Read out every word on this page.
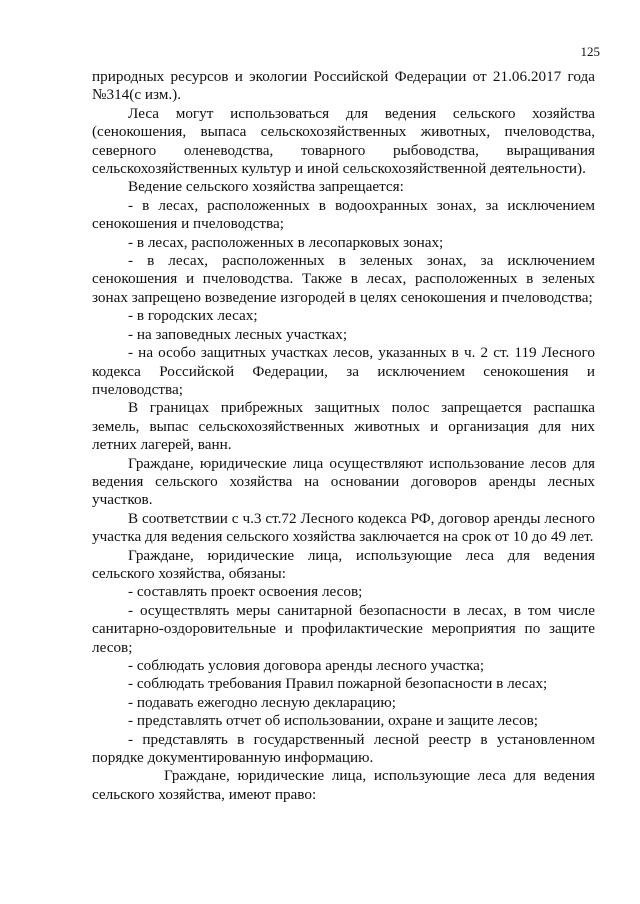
125

природных ресурсов и экологии Российской Федерации от 21.06.2017 года №314(с изм.).

Леса могут использоваться для ведения сельского хозяйства (сенокошения, выпаса сельскохозяйственных животных, пчеловодства, северного оленеводства, товарного рыбоводства, выращивания сельскохозяйственных культур и иной сельскохозяйственной деятельности).

Ведение сельского хозяйства запрещается:

- в лесах, расположенных в водоохранных зонах, за исключением сенокошения и пчеловодства;

- в лесах, расположенных в лесопарковых зонах;

- в лесах, расположенных в зеленых зонах, за исключением сенокошения и пчеловодства. Также в лесах, расположенных в зеленых зонах запрещено возведение изгородей в целях сенокошения и пчеловодства;

- в городских лесах;

- на заповедных лесных участках;

- на особо защитных участках лесов, указанных в ч. 2 ст. 119 Лесного кодекса Российской Федерации, за исключением сенокошения и пчеловодства;

В границах прибрежных защитных полос запрещается распашка земель, выпас сельскохозяйственных животных и организация для них летних лагерей, ванн.

Граждане, юридические лица осуществляют использование лесов для ведения сельского хозяйства на основании договоров аренды лесных участков.

В соответствии с ч.3 ст.72 Лесного кодекса РФ, договор аренды лесного участка для ведения сельского хозяйства заключается на срок от 10 до 49 лет.

Граждане, юридические лица, использующие леса для ведения сельского хозяйства, обязаны:

- составлять проект освоения лесов;

- осуществлять меры санитарной безопасности в лесах, в том числе санитарно-оздоровительные и профилактические мероприятия по защите лесов;

- соблюдать условия договора аренды лесного участка;

- соблюдать требования Правил пожарной безопасности в лесах;

- подавать ежегодно лесную декларацию;

- представлять отчет об использовании, охране и защите лесов;

- представлять в государственный лесной реестр в установленном порядке документированную информацию.

Граждане, юридические лица, использующие леса для ведения сельского хозяйства, имеют право:
